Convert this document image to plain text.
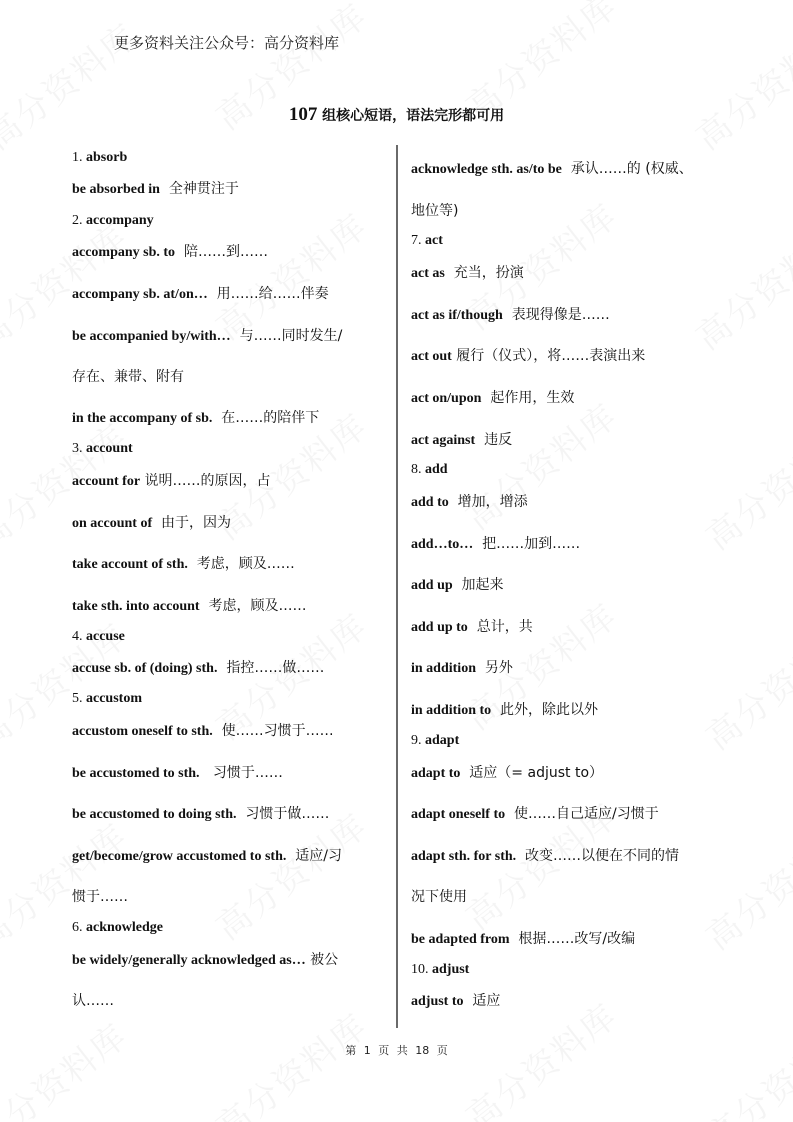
更多资料关注公众号：高分资料库
107 组核心短语，语法完形都可用
1. absorb
be absorbed in  全神贯注于
2. accompany
accompany sb. to  陪……到……
accompany sb. at/on…  用……给……伴奏
be accompanied by/with…  与……同时发生/
存在、兼带、附有
in the accompany of sb.  在……的陪伴下
3. account
account for 说明……的原因，占
on account of  由于，因为
take account of sth.  考虑，顾及……
take sth. into account  考虑，顾及……
4. accuse
accuse sb. of (doing) sth.  指控……做……
5. accustom
accustom oneself to sth.  使……习惯于……
be accustomed to sth.   习惯于……
be accustomed to doing sth.  习惯于做……
get/become/grow accustomed to sth.  适应/习
惯于……
6. acknowledge
be widely/generally acknowledged as… 被公
认……
acknowledge sth. as/to be  承认……的 (权威、
地位等)
7. act
act as  充当，扮演
act as if/though  表现得像是……
act out 履行（仪式），将……表演出来
act on/upon  起作用，生效
act against  违反
8. add
add to  增加，增添
add…to…  把……加到……
add up  加起来
add up to  总计，共
in addition  另外
in addition to  此外，除此以外
9. adapt
adapt to  适应（= adjust to）
adapt oneself to  使……自己适应/习惯于
adapt sth. for sth.  改变……以便在不同的情
况下使用
be adapted from  根据……改写/改编
10. adjust
adjust to  适应
第 1 页 共 18 页
